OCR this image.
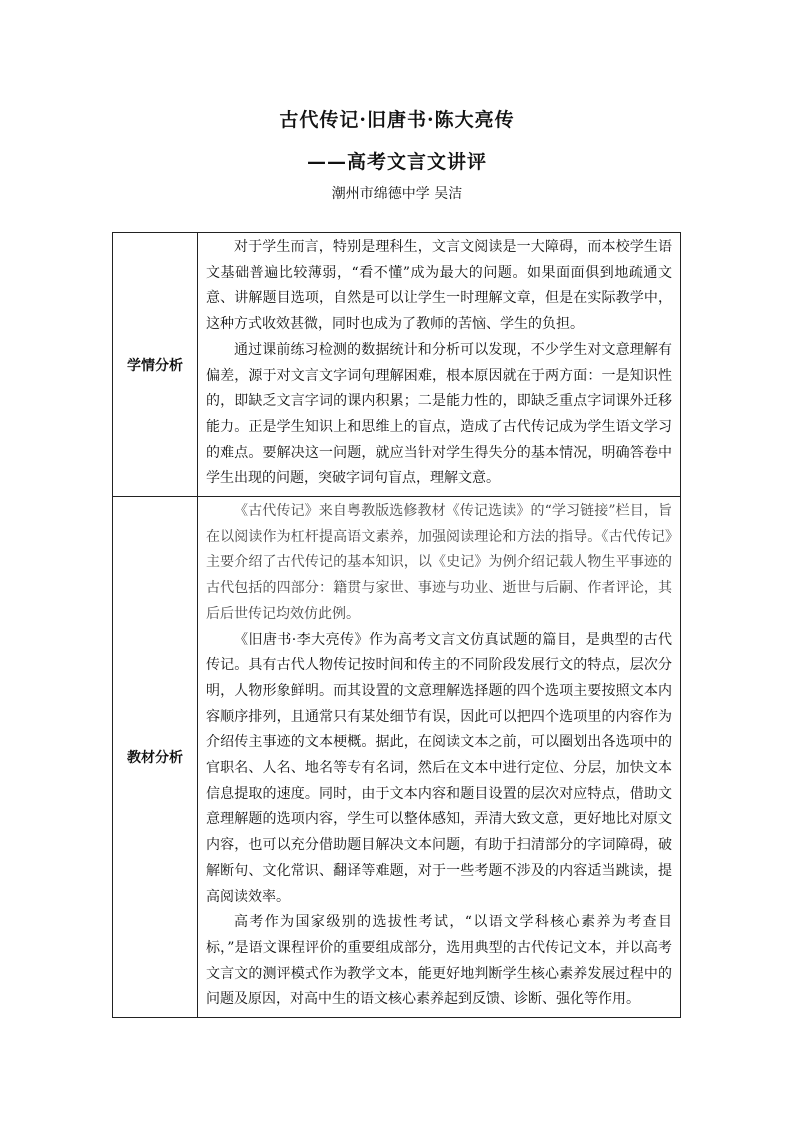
古代传记·旧唐书·陈大亮传
——高考文言文讲评
潮州市绵德中学 吴洁
学情分析	对于学生而言，特别是理科生，文言文阅读是一大障碍，而本校学生语文基础普遍比较薄弱，“看不懂”成为最大的问题。如果面面俱到地疏通文意、讲解题目选项，自然是可以让学生一时理解文章，但是在实际教学中，这种方式收效甚微，同时也成为了教师的苦恼、学生的负担。

通过课前练习检测的数据统计和分析可以发现，不少学生对文意理解有偏差，源于对文言文字词句理解困难，根本原因就在于两方面：一是知识性的，即缺乏文言字词的课内积累；二是能力性的，即缺乏重点字词课外迁移能力。正是学生知识上和思维上的盲点，造成了古代传记成为学生语文学习的难点。要解决这一问题，就应当针对学生得失分的基本情况，明确答卷中学生出现的问题，突破字词句盲点，理解文意。

教材分析	《古代传记》来自粤教版选修教材《传记选读》的“学习链接”栏目，旨在以阅读作为杠杆提高语文素养，加强阅读理论和方法的指导。《古代传记》主要介绍了古代传记的基本知识，以《史记》为例介绍记载人物生平事迹的古代包括的四部分：籍贯与家世、事迹与功业、逝世与后嗣、作者评论，其后后世传记均效仿此例。

《旧唐书·李大亮传》作为高考文言文仿真试题的篇目，是典型的古代传记。具有古代人物传记按时间和传主的不同阶段发展行文的特点，层次分明，人物形象鲜明。而其设置的文意理解选择题的四个选项主要按照文本内容顺序排列，且通常只有某处细节有误，因此可以把四个选项里的内容作为介绍传主事迹的文本梗概。据此，在阅读文本之前，可以圈划出各选项中的官职名、人名、地名等专有名词，然后在文本中进行定位、分层，加快文本信息提取的速度。同时，由于文本内容和题目设置的层次对应特点，借助文意理解题的选项内容，学生可以整体感知，弄清大致文意，更好地比对原文内容，也可以充分借助题目解决文本问题，有助于扫清部分的字词障碍，破解断句、文化常识、翻译等难题，对于一些考题不涉及的内容适当跳读，提高阅读效率。

高考作为国家级别的选拔性考试，“以语文学科核心素养为考查目标，”是语文课程评价的重要组成部分，选用典型的古代传记文本，并以高考文言文的测评模式作为教学文本，能更好地判断学生核心素养发展过程中的问题及原因，对高中生的语文核心素养起到反馈、诊断、强化等作用。
